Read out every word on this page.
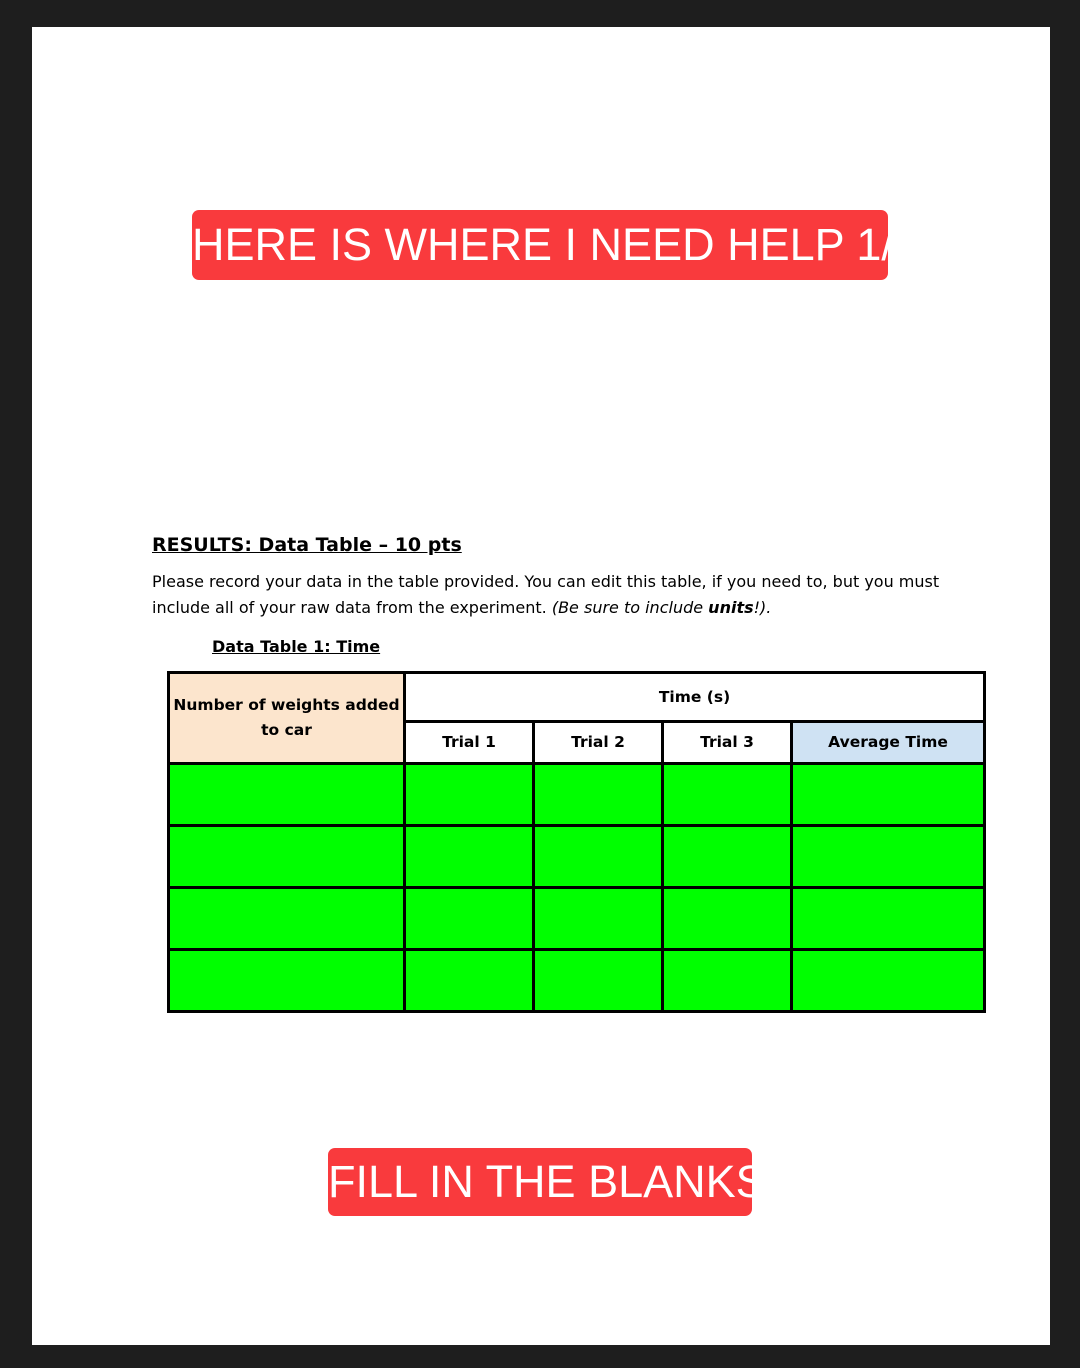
HERE IS WHERE I NEED HELP 1/3
RESULTS: Data Table – 10 pts
Please record your data in the table provided. You can edit this table, if you need to, but you must include all of your raw data from the experiment. (Be sure to include units!).
Data Table 1: Time
Number of weights added to car	Time (s)			
	Trial 1	Trial 2	Trial 3	Average Time

FILL IN THE BLANKS
